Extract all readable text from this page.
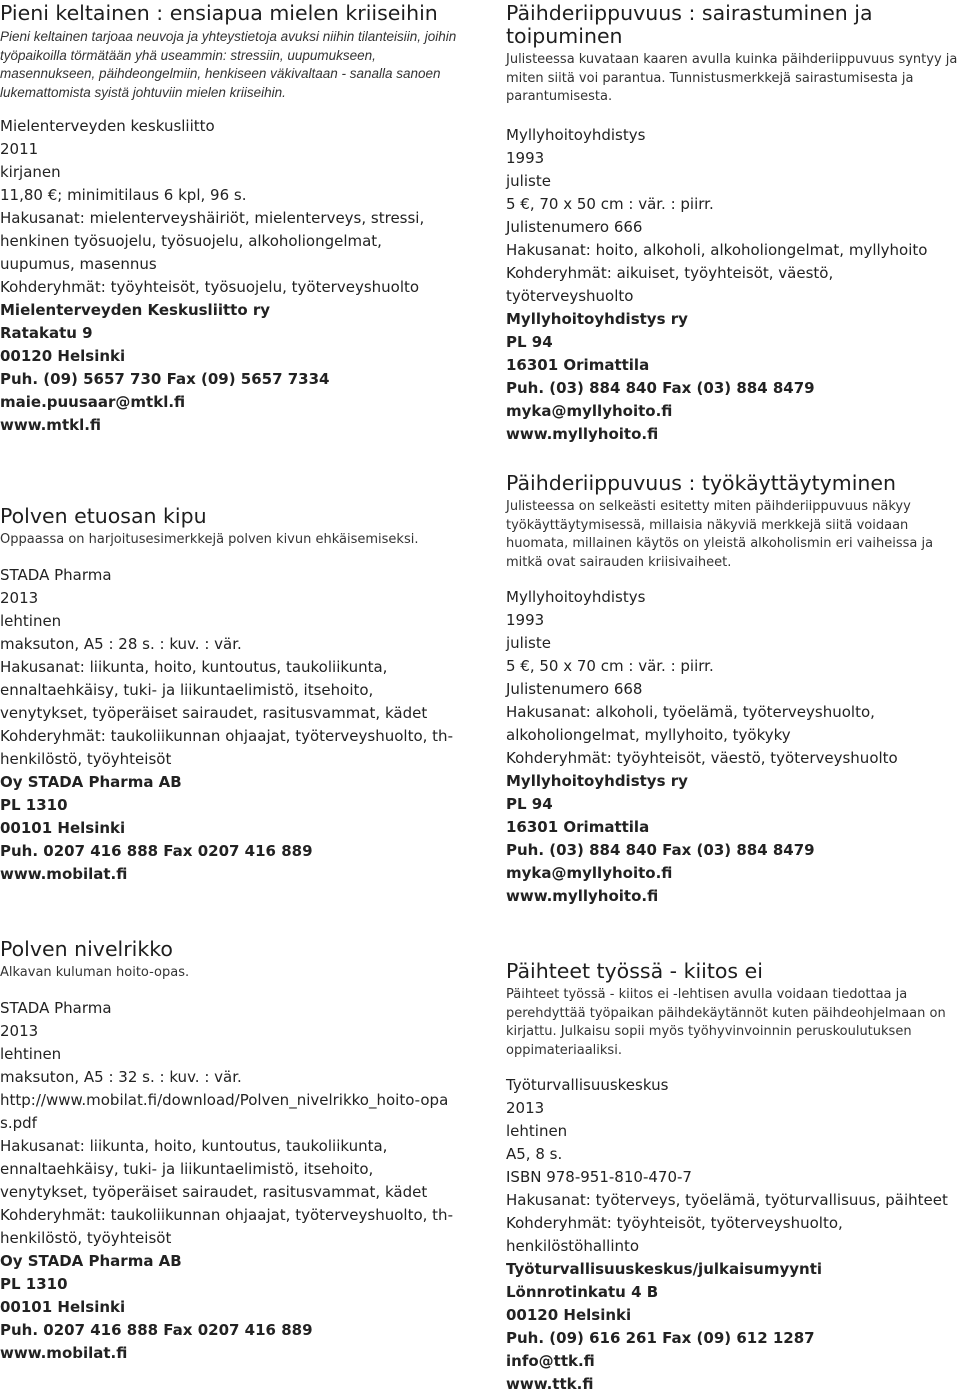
Pieni keltainen : ensiapua mielen kriiseihin
Pieni keltainen tarjoaa neuvoja ja yhteystietoja avuksi niihin tilanteisiin, joihin työpaikoilla törmätään yhä useammin: stressiin, uupumukseen, masennukseen, päihdeongelmiin, henkiseen väkivaltaan - sanalla sanoen lukemattomista syistä johtuviin mielen kriiseihin.
Mielenterveyden keskusliitto
2011
kirjanen
11,80 €; minimitilaus 6 kpl, 96 s.
Hakusanat: mielenterveyshäiriöt, mielenterveys, stressi, henkinen työsuojelu, työsuojelu, alkoholiongelmat, uupumus, masennus
Kohderyhmät: työyhteisöt, työsuojelu, työterveyshuolto
Mielenterveyden Keskusliitto ry
Ratakatu 9
00120 Helsinki
Puh. (09) 5657 730 Fax (09) 5657 7334
maie.puusaar@mtkl.fi
www.mtkl.fi
Polven etuosan kipu
Oppaassa on harjoitusesimerkkejä polven kivun ehkäisemiseksi.
STADA Pharma
2013
lehtinen
maksuton, A5 : 28 s. : kuv. : vär.
Hakusanat: liikunta, hoito, kuntoutus, taukoliikunta, ennaltaehkäisy, tuki- ja liikuntaelimistö, itsehoito, venytykset, työperäiset sairaudet, rasitusvammat, kädet
Kohderyhmät: taukoliikunnan ohjaajat, työterveyshuolto, th-henkilöstö, työyhteisöt
Oy STADA Pharma AB
PL 1310
00101 Helsinki
Puh. 0207 416 888 Fax 0207 416 889
www.mobilat.fi
Polven nivelrikko
Alkavan kuluman hoito-opas.
STADA Pharma
2013
lehtinen
maksuton, A5 : 32 s. : kuv. : vär.
http://www.mobilat.fi/download/Polven_nivelrikko_hoito-opas.pdf
Hakusanat: liikunta, hoito, kuntoutus, taukoliikunta, ennaltaehkäisy, tuki- ja liikuntaelimistö, itsehoito, venytykset, työperäiset sairaudet, rasitusvammat, kädet
Kohderyhmät: taukoliikunnan ohjaajat, työterveyshuolto, th-henkilöstö, työyhteisöt
Oy STADA Pharma AB
PL 1310
00101 Helsinki
Puh. 0207 416 888 Fax 0207 416 889
www.mobilat.fi
Päihderiippuvuus : sairastuminen ja toipuminen
Julisteessa kuvataan kaaren avulla kuinka päihderiippuvuus syntyy ja miten siitä voi parantua. Tunnistusmerkkejä sairastumisesta ja parantumisesta.
Myllyhoitoyhdistys
1993
juliste
5 €, 70 x 50 cm : vär. : piirr.
Julistenumero 666
Hakusanat: hoito, alkoholi, alkoholiongelmat, myllyhoito
Kohderyhmät: aikuiset, työyhteisöt, väestö, työterveyshuolto
Myllyhoitoyhdistys ry
PL 94
16301 Orimattila
Puh. (03) 884 840 Fax (03) 884 8479
myka@myllyhoito.fi
www.myllyhoito.fi
Päihderiippuvuus : työkäyttäytyminen
Julisteessa on selkeästi esitetty miten päihderiippuvuus näkyy työkäyttäytymisessä, millaisia näkyviä merkkejä siitä voidaan huomata, millainen käytös on yleistä alkoholismin eri vaiheissa ja mitkä ovat sairauden kriisivaiheet.
Myllyhoitoyhdistys
1993
juliste
5 €, 50 x 70 cm : vär. : piirr.
Julistenumero 668
Hakusanat: alkoholi, työelämä, työterveyshuolto, alkoholiongelmat, myllyhoito, työkyky
Kohderyhmät: työyhteisöt, väestö, työterveyshuolto
Myllyhoitoyhdistys ry
PL 94
16301 Orimattila
Puh. (03) 884 840 Fax (03) 884 8479
myka@myllyhoito.fi
www.myllyhoito.fi
Päihteet työssä - kiitos ei
Päihteet työssä - kiitos ei -lehtisen avulla voidaan tiedottaa ja perehdyttää työpaikan päihdekäytännöt kuten päihdeohjelmaan on kirjattu. Julkaisu sopii myös työhyvinvoinnin peruskoulutuksen oppimateriaaliksi.
Työturvallisuuskeskus
2013
lehtinen
A5, 8 s.
ISBN 978-951-810-470-7
Hakusanat: työterveys, työelämä, työturvallisuus, päihteet
Kohderyhmät: työyhteisöt, työterveyshuolto, henkilöstöhallinto
Työturvallisuuskeskus/julkaisumyynti
Lönnrotinkatu 4 B
00120 Helsinki
Puh. (09) 616 261 Fax (09) 612 1287
info@ttk.fi
www.ttk.fi
